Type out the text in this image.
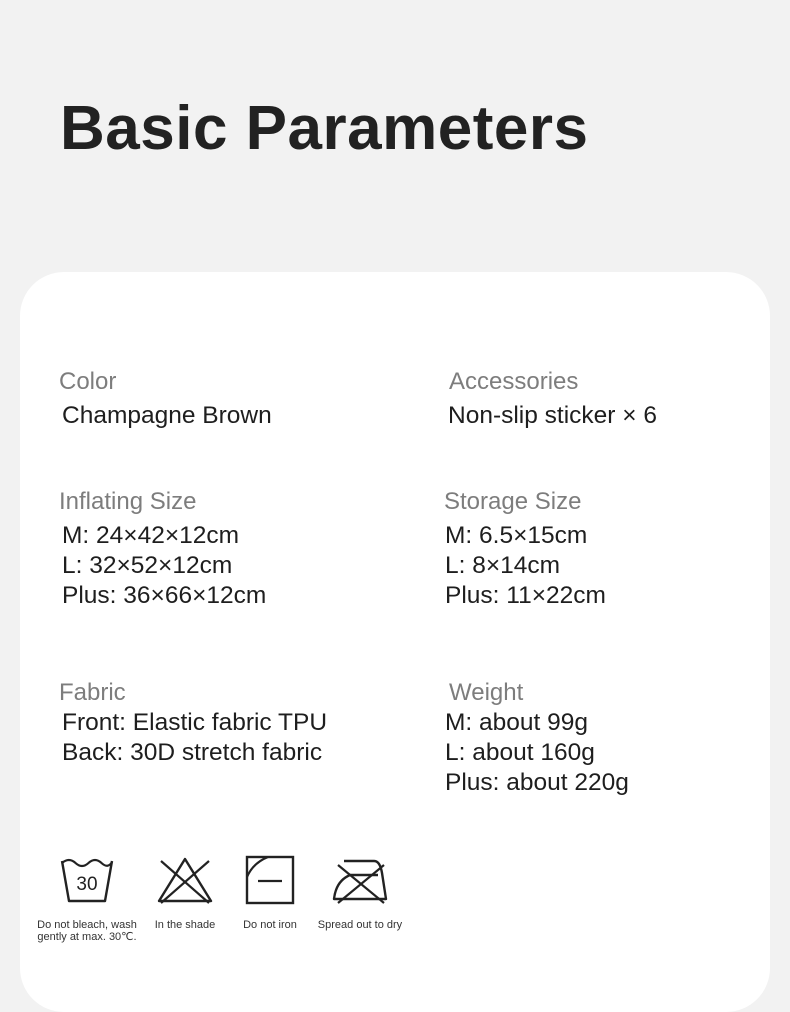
Basic Parameters
Color
Champagne Brown
Accessories
Non-slip sticker × 6
Inflating Size
M: 24×42×12cm
L: 32×52×12cm
Plus: 36×66×12cm
Storage Size
M: 6.5×15cm
L: 8×14cm
Plus: 11×22cm
Fabric
Front: Elastic fabric TPU
Back: 30D stretch fabric
Weight
M: about 99g
L: about 160g
Plus: about 220g
30
Do not bleach, wash
gently at max. 30℃.
In the shade	Do not iron	Spread out to dry
